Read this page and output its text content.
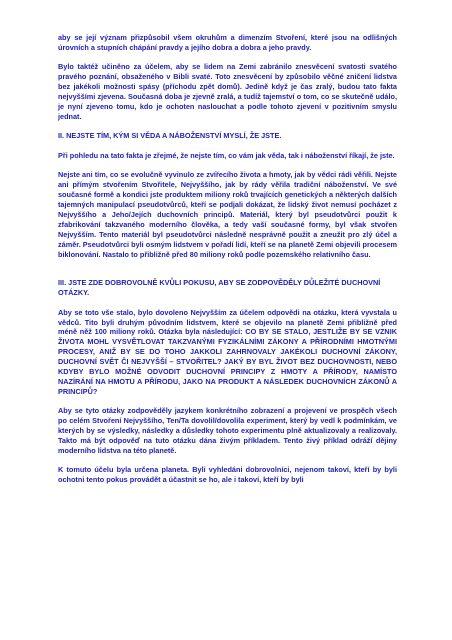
aby se její význam přizpůsobil všem okruhům a dimenzím Stvoření, které jsou na odlišných úrovních a stupních chápání pravdy a jejího dobra a dobra a jeho pravdy.

Bylo taktéž učiněno za účelem, aby se lidem na Zemi zabránilo znesvěcení svatosti svatého pravého poznání, obsaženého v Bibli svaté. Toto znesvěcení by způsobilo věčné zničení lidstva bez jakékoli možnosti spásy (příchodu zpět domů). Jedině když je čas zralý, budou tato fakta nejvyššími zjevena. Současná doba je zjevně zralá, a tudíž tajemství o tom, co se skutečně událo, je nyní zjeveno tomu, kdo je ochoten naslouchat a podle tohoto zjevení v pozitivním smyslu jednat.

II. NEJSTE TÍM, KÝM SI VĚDA A NÁBOŽENSTVÍ MYSLÍ, ŽE JSTE.

Při pohledu na tato fakta je zřejmé, že nejste tím, co vám jak věda, tak i náboženství říkají, že jste.

Nejste ani tím, co se evolučně vyvinulo ze zvířecího života a hmoty, jak by vědci rádi věřili. Nejste ani přímým stvořením Stvořitele, Nejvyššího, jak by rády věřila tradiční náboženství. Ve své současné formě a kondici jste produktem miliony roků trvajících genetických a některých dalších tajemných manipulací pseudotvůrců, kteří se podjali dokázat, že lidský život nemusí pocházet z Nejvyššího a Jeho/Jejích duchovních principů. Materiál, který byl pseudotvůrci použit k zfabrikování takzvaného moderního člověka, a tedy vaší současné formy, byl však stvořen Nejvyšším. Tento materiál byl pseudotvůrci následně nesprávně použit a zneužit pro zlý účel a záměr. Pseudotvůrci byli osmým lidstvem v pořadí lidí, kteří se na planetě Zemi objevili procesem biklonování. Nastalo to přibližně před 80 miliony roků podle pozemského relativního času.

III. JSTE ZDE DOBROVOLNĚ KVŮLI POKUSU, ABY SE ZODPOVĚDĚLY DŮLEŽITÉ DUCHOVNÍ OTÁZKY.

Aby se toto vše stalo, bylo dovoleno Nejvyšším za účelem odpovědi na otázku, která vyvstala u vědců. Tito byli druhým původním lidstvem, které se objevilo na planetě Zemi přibližně před méně něž 100 miliony roků. Otázka byla následující: CO BY SE STALO, JESTLIŽE BY SE VZNIK ŽIVOTA MOHL VYSVĚTLOVAT TAKZVANÝMI FYZIKÁLNÍMI ZÁKONY A PŘÍRODNÍMI HMOTNÝMI PROCESY, ANIŽ BY SE DO TOHO JAKKOLI ZAHRNOVALY JAKÉKOLI DUCHOVNÍ ZÁKONY, DUCHOVNÍ SVĚT ČI NEJVYŠŠÍ – STVOŘITEL? JAKÝ BY BYL ŽIVOT BEZ DUCHOVNOSTI, NEBO KDYBY BYLO MOŽNÉ ODVODIT DUCHOVNÍ PRINCIPY Z HMOTY A PŘÍRODY, NAMÍSTO NAZÍRÁNÍ NA HMOTU A PŘÍRODU, JAKO NA PRODUKT A NÁSLEDEK DUCHOVNÍCH ZÁKONŮ A PRINCIPŮ?

Aby se tyto otázky zodpověděly jazykem konkrétního zobrazení a projevení ve prospěch všech po celém Stvoření Nejvyššího, Ten/Ta dovolil/dovolila experiment, který by vedl k podmínkám, ve kterých by se výsledky, následky a důsledky tohoto experimentu plně aktualizovaly a realizovaly. Takto má být odpověď na tuto otázku dána živým příkladem. Tento živý příklad odráží dějiny moderního lidstva na této planetě.

K tomuto účelu byla určena planeta. Byli vyhledáni dobrovolníci, nejenom takoví, kteří by byli ochotni tento pokus provádět a účastnit se ho, ale i takoví, kteří by byli
